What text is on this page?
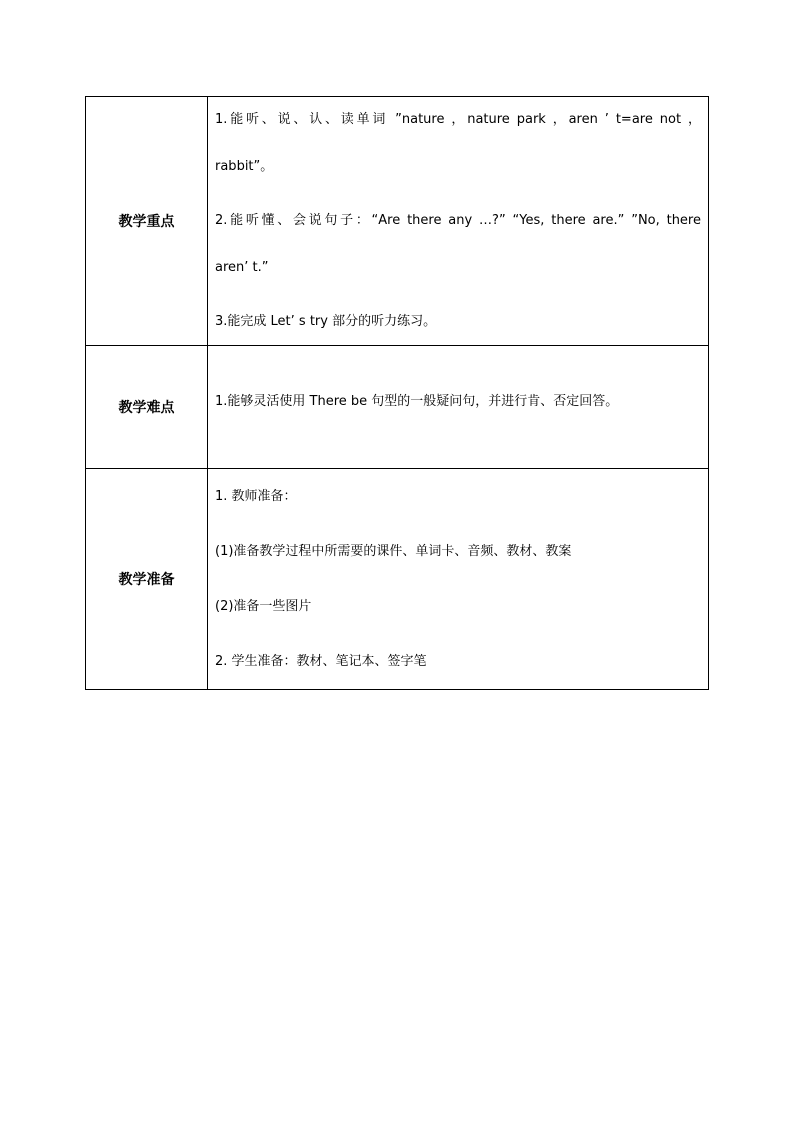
教学重点	1.能听、说、认、读单词 ”nature ，nature park ，aren ’ t=are not ，
rabbit”。
2.能听懂、会说句子：“Are there any …?” “Yes, there are.” ”No, there
aren’ t.”
3.能完成 Let’ s try 部分的听力练习。

教学难点	1.能够灵活使用 There be 句型的一般疑问句，并进行肯、否定回答。

教学准备	1. 教师准备：
(1)准备教学过程中所需要的课件、单词卡、音频、教材、教案
(2)准备一些图片
2. 学生准备：教材、笔记本、签字笔
